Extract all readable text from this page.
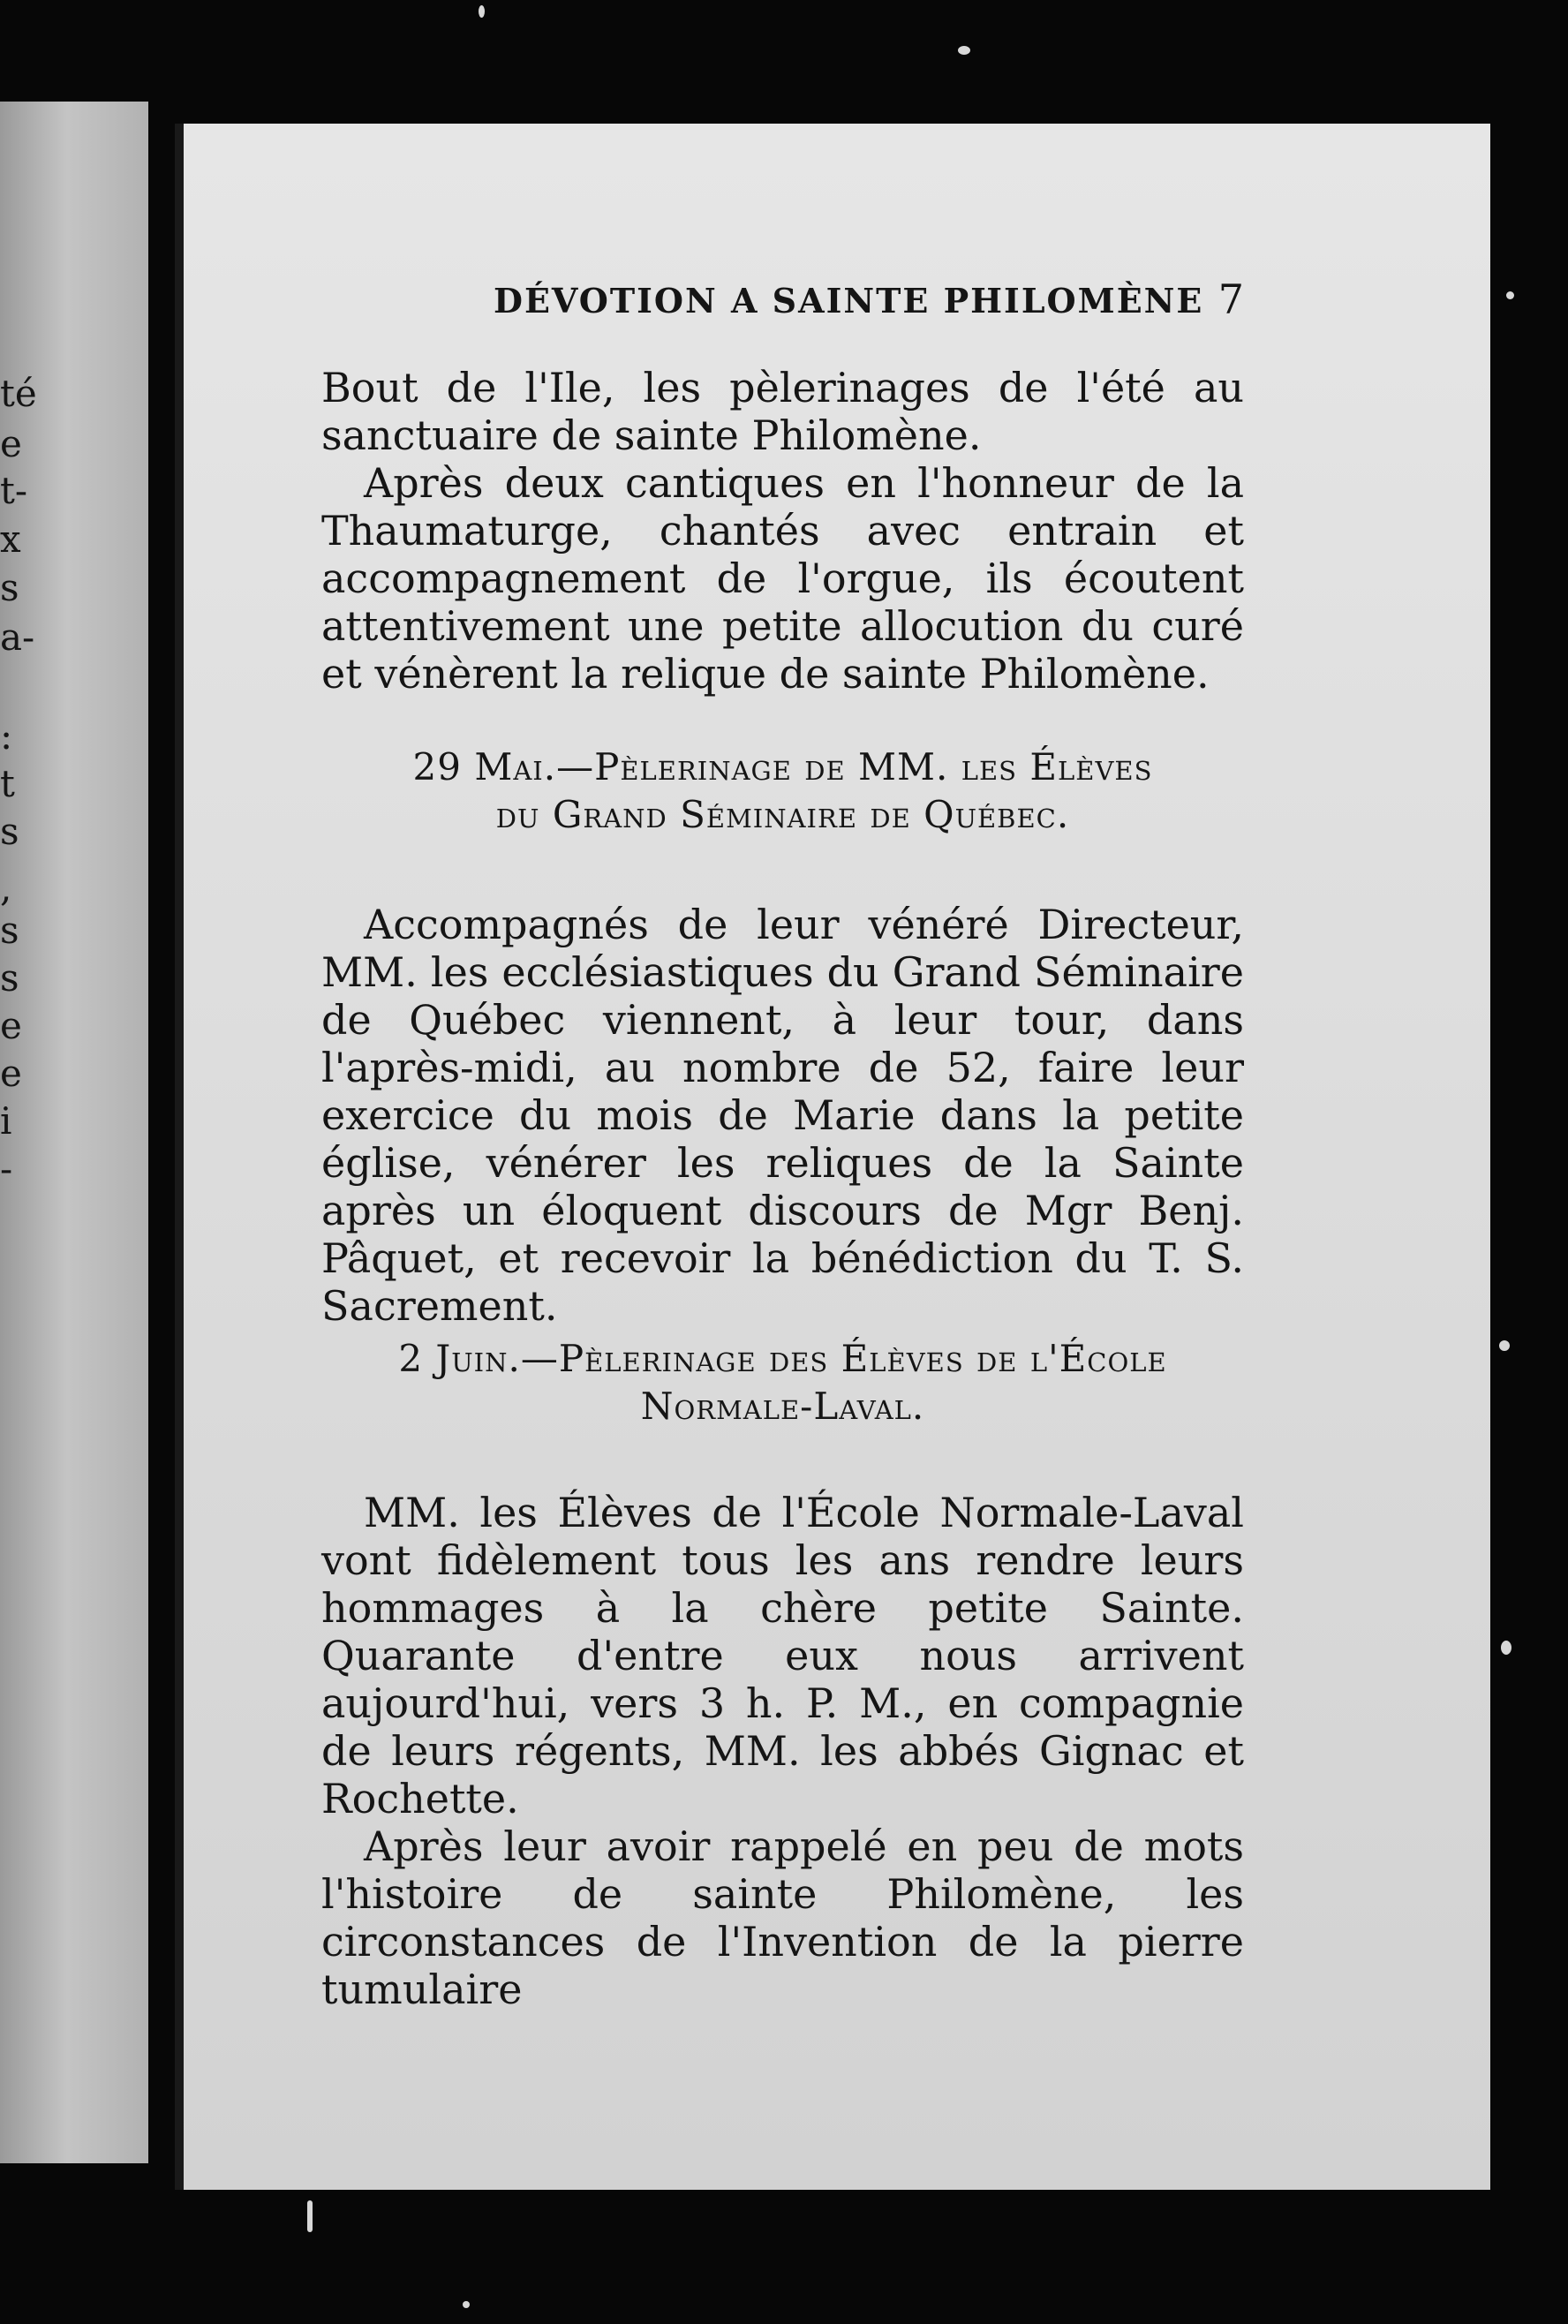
té
e
t-
x
s
a-
:
t
s
,
s
s
e
e
i
-
DÉVOTION A SAINTE PHILOMÈNE 7

Bout de l'Ile, les pèlerinages de l'été au sanctuaire de sainte Philomène.

Après deux cantiques en l'honneur de la Thaumaturge, chantés avec entrain et accompagnement de l'orgue, ils écoutent attentivement une petite allocution du curé et vénèrent la relique de sainte Philomène.

29 Mai.—Pèlerinage de MM. les Élèves

du Grand Séminaire de Québec.

Accompagnés de leur vénéré Directeur, MM. les ecclésiastiques du Grand Séminaire de Québec viennent, à leur tour, dans l'après-midi, au nombre de 52, faire leur exercice du mois de Marie dans la petite église, vénérer les reliques de la Sainte après un éloquent discours de Mgr Benj. Pâquet, et recevoir la bénédiction du T. S. Sacrement.

2 Juin.—Pèlerinage des Élèves de l'École

Normale-Laval.

MM. les Élèves de l'École Normale-Laval vont fidèlement tous les ans rendre leurs hommages à la chère petite Sainte. Quarante d'entre eux nous arrivent aujourd'hui, vers 3 h. P. M., en compagnie de leurs régents, MM. les abbés Gignac et Rochette.

Après leur avoir rappelé en peu de mots l'histoire de sainte Philomène, les circonstances de l'Invention de la pierre tumulaire
